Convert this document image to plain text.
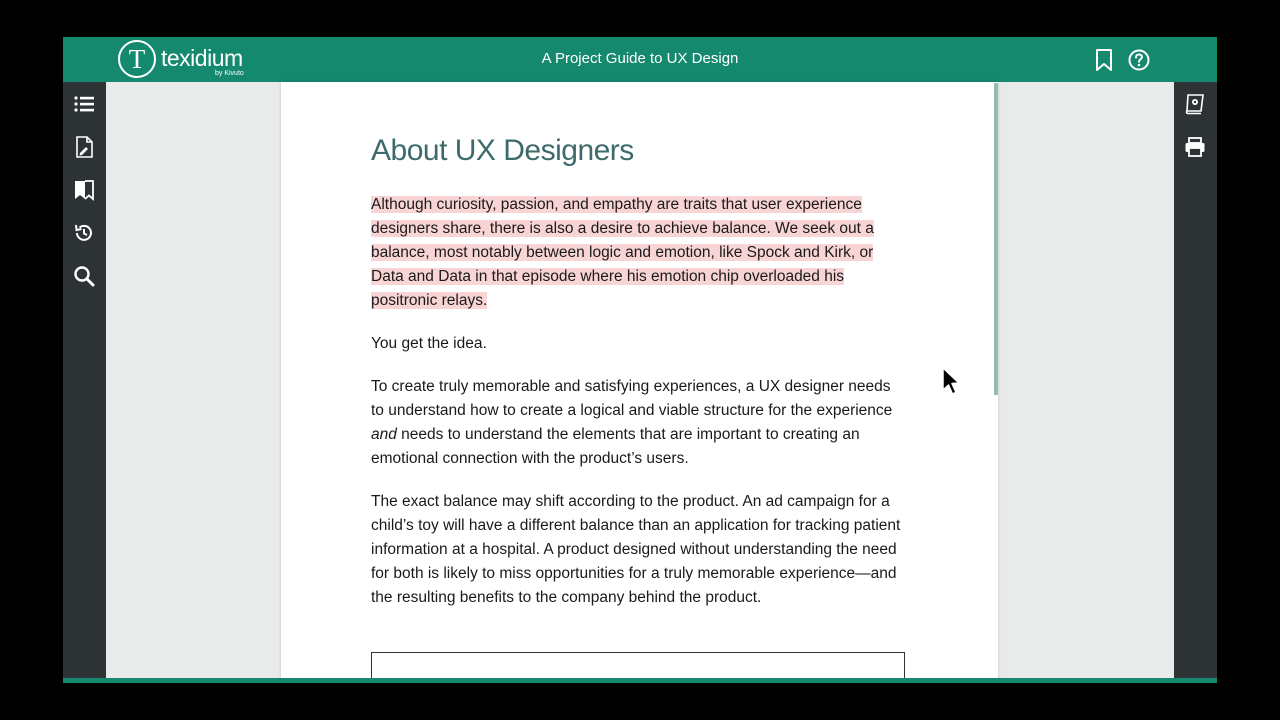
T texidium
by Kivuto
A Project Guide to UX Design
About UX Designers

Although curiosity, passion, and empathy are traits that user experience designers share, there is also a desire to achieve balance. We seek out a balance, most notably between logic and emotion, like Spock and Kirk, or Data and Data in that episode where his emotion chip overloaded his positronic relays.

You get the idea.

To create truly memorable and satisfying experiences, a UX designer needs to understand how to create a logical and viable structure for the experience and needs to understand the elements that are important to creating an emotional connection with the product’s users.

The exact balance may shift according to the product. An ad campaign for a child’s toy will have a different balance than an application for tracking patient information at a hospital. A product designed without understanding the need for both is likely to miss opportunities for a truly memorable experience—and the resulting benefits to the company behind the product.
